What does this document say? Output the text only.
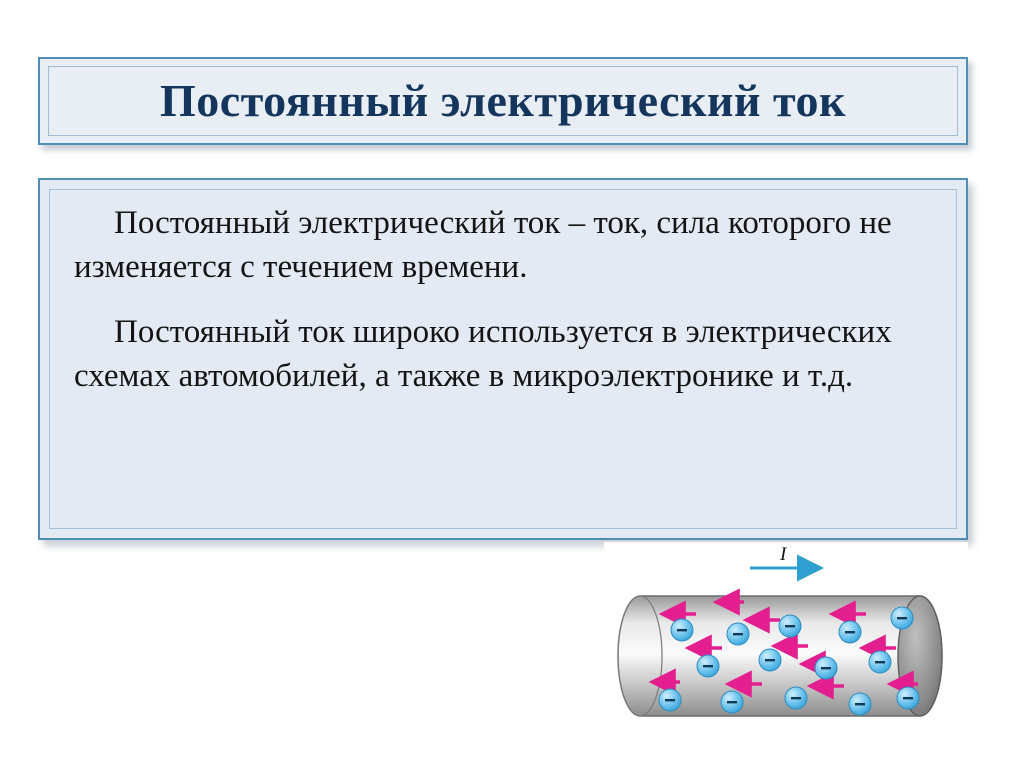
Постоянный электрический ток

Постоянный электрический ток – ток, сила которого не изменяется с течением времени.

Постоянный ток широко используется в электрических схемах автомобилей, а также в микроэлектронике и т.д.

I
